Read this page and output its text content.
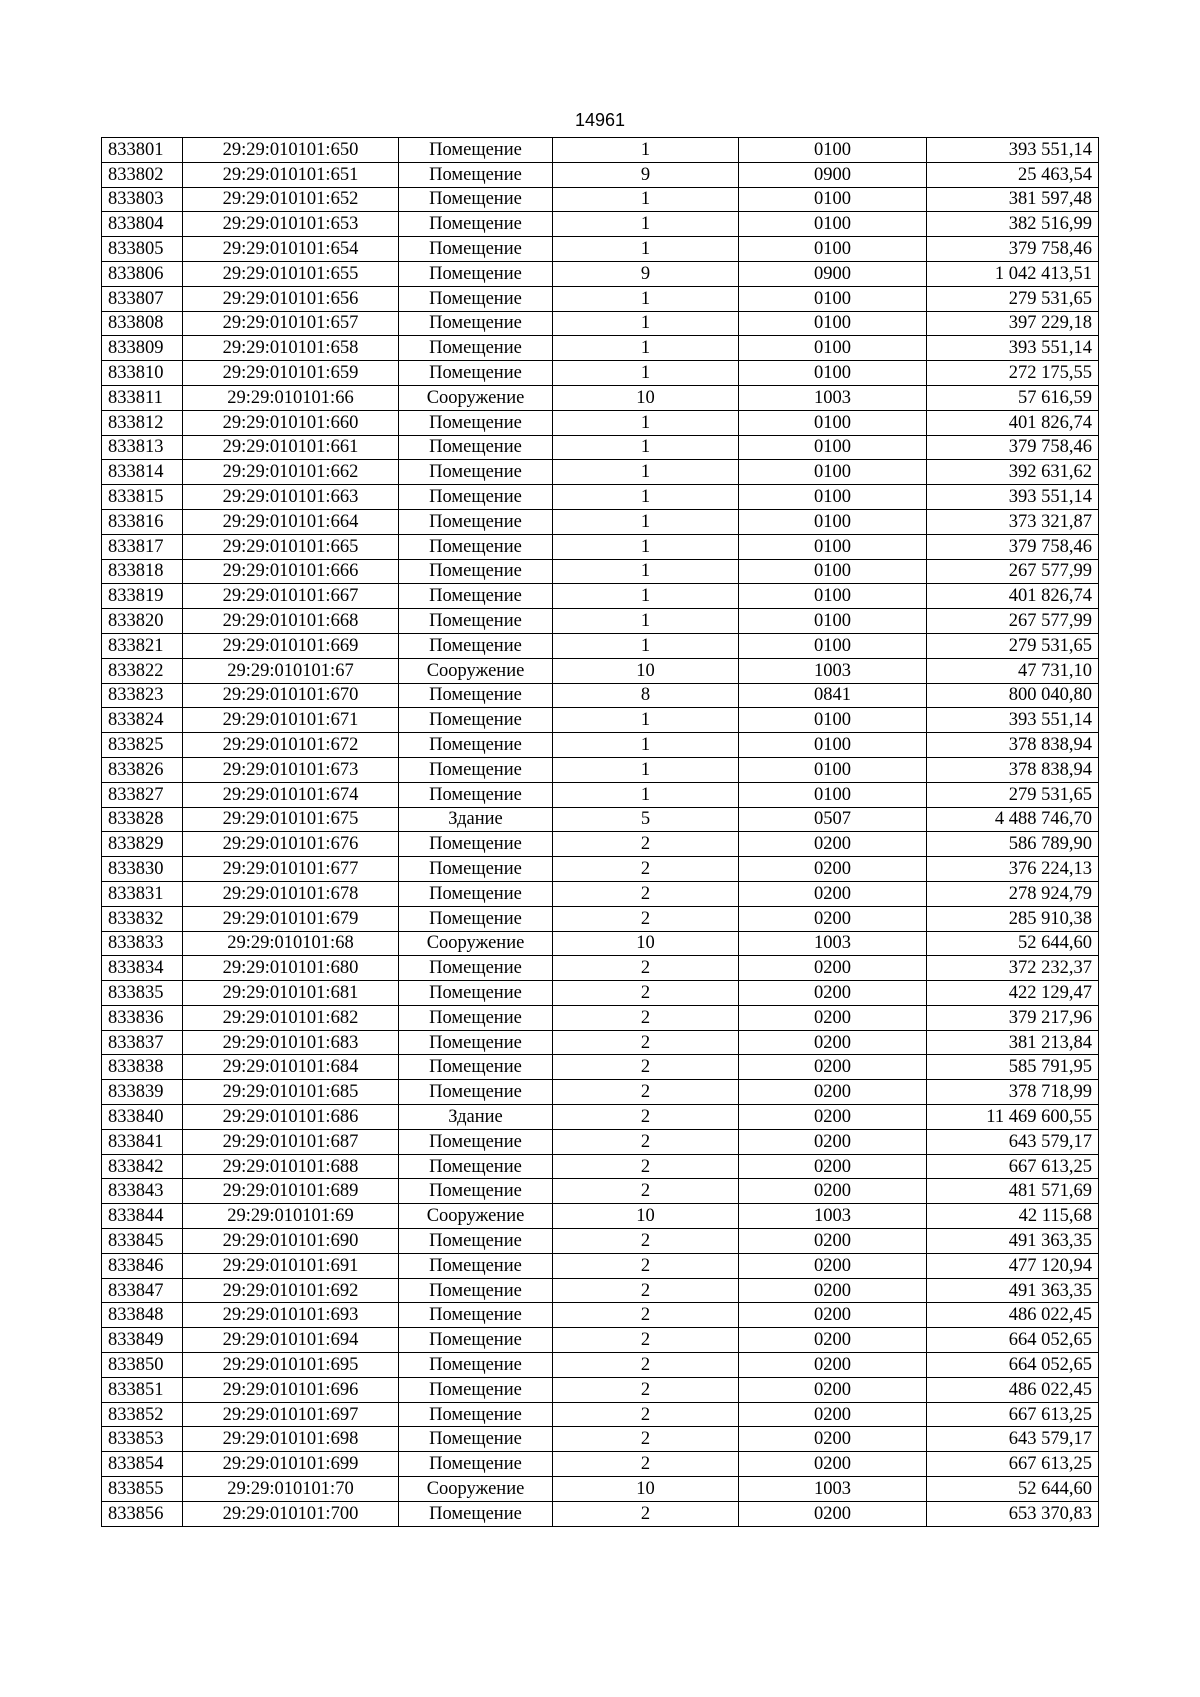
14961
833801	29:29:010101:650	Помещение	1	0100	393 551,14
833802	29:29:010101:651	Помещение	9	0900	25 463,54
833803	29:29:010101:652	Помещение	1	0100	381 597,48
833804	29:29:010101:653	Помещение	1	0100	382 516,99
833805	29:29:010101:654	Помещение	1	0100	379 758,46
833806	29:29:010101:655	Помещение	9	0900	1 042 413,51
833807	29:29:010101:656	Помещение	1	0100	279 531,65
833808	29:29:010101:657	Помещение	1	0100	397 229,18
833809	29:29:010101:658	Помещение	1	0100	393 551,14
833810	29:29:010101:659	Помещение	1	0100	272 175,55
833811	29:29:010101:66	Сооружение	10	1003	57 616,59
833812	29:29:010101:660	Помещение	1	0100	401 826,74
833813	29:29:010101:661	Помещение	1	0100	379 758,46
833814	29:29:010101:662	Помещение	1	0100	392 631,62
833815	29:29:010101:663	Помещение	1	0100	393 551,14
833816	29:29:010101:664	Помещение	1	0100	373 321,87
833817	29:29:010101:665	Помещение	1	0100	379 758,46
833818	29:29:010101:666	Помещение	1	0100	267 577,99
833819	29:29:010101:667	Помещение	1	0100	401 826,74
833820	29:29:010101:668	Помещение	1	0100	267 577,99
833821	29:29:010101:669	Помещение	1	0100	279 531,65
833822	29:29:010101:67	Сооружение	10	1003	47 731,10
833823	29:29:010101:670	Помещение	8	0841	800 040,80
833824	29:29:010101:671	Помещение	1	0100	393 551,14
833825	29:29:010101:672	Помещение	1	0100	378 838,94
833826	29:29:010101:673	Помещение	1	0100	378 838,94
833827	29:29:010101:674	Помещение	1	0100	279 531,65
833828	29:29:010101:675	Здание	5	0507	4 488 746,70
833829	29:29:010101:676	Помещение	2	0200	586 789,90
833830	29:29:010101:677	Помещение	2	0200	376 224,13
833831	29:29:010101:678	Помещение	2	0200	278 924,79
833832	29:29:010101:679	Помещение	2	0200	285 910,38
833833	29:29:010101:68	Сооружение	10	1003	52 644,60
833834	29:29:010101:680	Помещение	2	0200	372 232,37
833835	29:29:010101:681	Помещение	2	0200	422 129,47
833836	29:29:010101:682	Помещение	2	0200	379 217,96
833837	29:29:010101:683	Помещение	2	0200	381 213,84
833838	29:29:010101:684	Помещение	2	0200	585 791,95
833839	29:29:010101:685	Помещение	2	0200	378 718,99
833840	29:29:010101:686	Здание	2	0200	11 469 600,55
833841	29:29:010101:687	Помещение	2	0200	643 579,17
833842	29:29:010101:688	Помещение	2	0200	667 613,25
833843	29:29:010101:689	Помещение	2	0200	481 571,69
833844	29:29:010101:69	Сооружение	10	1003	42 115,68
833845	29:29:010101:690	Помещение	2	0200	491 363,35
833846	29:29:010101:691	Помещение	2	0200	477 120,94
833847	29:29:010101:692	Помещение	2	0200	491 363,35
833848	29:29:010101:693	Помещение	2	0200	486 022,45
833849	29:29:010101:694	Помещение	2	0200	664 052,65
833850	29:29:010101:695	Помещение	2	0200	664 052,65
833851	29:29:010101:696	Помещение	2	0200	486 022,45
833852	29:29:010101:697	Помещение	2	0200	667 613,25
833853	29:29:010101:698	Помещение	2	0200	643 579,17
833854	29:29:010101:699	Помещение	2	0200	667 613,25
833855	29:29:010101:70	Сооружение	10	1003	52 644,60
833856	29:29:010101:700	Помещение	2	0200	653 370,83
